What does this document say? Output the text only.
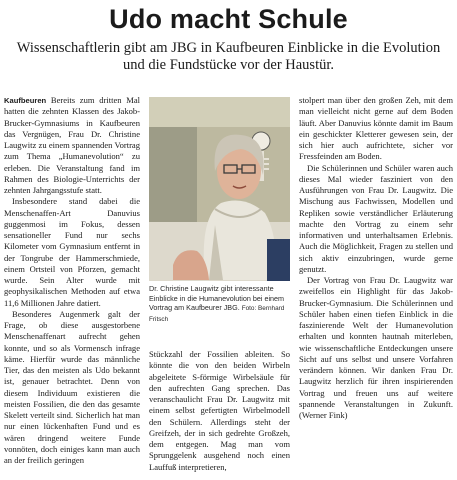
Udo macht Schule

Wissenschaftlerin gibt am JBG in Kaufbeuren Einblicke in die Evolution und die Fundstücke vor der Haustür.

Kaufbeuren Bereits zum dritten Mal hatten die zehnten Klassen des Jakob-Brucker-Gymnasiums in Kaufbeuren das Vergnügen, Frau Dr. Christine Laugwitz zu einem spannenden Vortrag zum Thema „Humanevolution“ zu erleben. Die Veranstaltung fand im Rahmen des Biologie-Unterrichts der zehnten Jahrgangsstufe statt.

Insbesondere stand dabei die Menschenaffen-Art Danuvius guggenmosi im Fokus, dessen sensationeller Fund nur sechs Kilometer vom Gymnasium entfernt in der Tongrube der Hammerschmiede, einem Ortsteil von Pforzen, gemacht wurde. Sein Alter wurde mit geophysikalischen Methoden auf etwa 11,6 Millionen Jahre datiert.

Besonderes Augenmerk galt der Frage, ob diese ausgestorbene Menschenaffenart aufrecht gehen konnte, und so als Vormensch infrage käme. Hierfür wurde das männliche Tier, das den meisten als Udo bekannt ist, genauer betrachtet. Denn von diesem Individuum existieren die meisten Fossilien, die den das gesamte Skelett verteilt sind. Sicherlich hat man nur einen lückenhaften Fund und es wären dringend weitere Funde vonnöten, doch einiges kann man auch an der freilich geringen

Dr. Christine Laugwitz gibt interessante Einblicke in die Humanevolution bei einem Vortrag am Kaufbeurer JBG. Foto: Bernhard Fritsch

Stückzahl der Fossilien ableiten. So könnte die von den beiden Wirbeln abgeleitete S-förmige Wirbelsäule für den aufrechten Gang sprechen. Das veranschaulicht Frau Dr. Laugwitz mit einem selbst gefertigten Wirbelmodell den Schülern. Allerdings steht der Greifzeh, der in sich gedrehte Großzeh, dem entgegen. Mag man vom Sprunggelenk ausgehend noch einen Lauffuß interpretieren,

stolpert man über den großen Zeh, mit dem man vielleicht nicht gerne auf dem Boden läuft. Aber Danuvius könnte damit im Baum ein geschickter Kletterer gewesen sein, der sich hier auch aufrichtete, sicher vor Fressfeinden am Boden.

Die Schülerinnen und Schüler waren auch dieses Mal wieder fasziniert von den Ausführungen von Frau Dr. Laugwitz. Die Mischung aus Fachwissen, Modellen und Repliken sowie verständlicher Erläuterung machte den Vortrag zu einem sehr informativen und unterhaltsamen Erlebnis. Auch die Möglichkeit, Fragen zu stellen und sich aktiv einzubringen, wurde gerne genutzt.

Der Vortrag von Frau Dr. Laugwitz war zweifellos ein Highlight für das Jakob-Brucker-Gymnasium. Die Schülerinnen und Schüler haben einen tiefen Einblick in die faszinierende Welt der Humanevolution erhalten und konnten hautnah miterleben, wie wissenschaftliche Entdeckungen unsere Sicht auf uns selbst und unsere Vorfahren verändern können. Wir danken Frau Dr. Laugwitz herzlich für ihren inspirierenden Vortrag und freuen uns auf weitere spannende Veranstaltungen in Zukunft. (Werner Fink)
